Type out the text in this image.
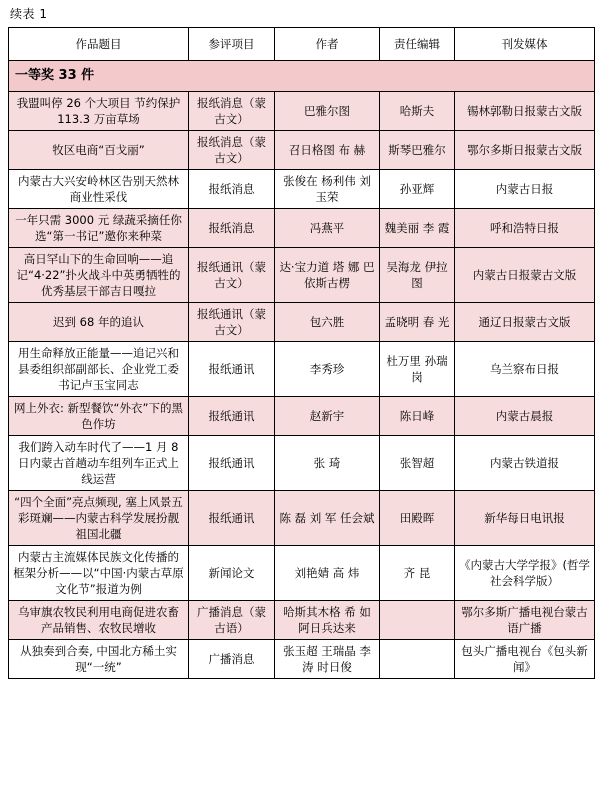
续表 1
作品题目	参评项目	作者	责任编辑	刊发媒体
一等奖 33 件				
我盟叫停 26 个大项目 节约保护 113.3 万亩草场	报纸消息（蒙古文）	巴雅尔图	哈斯夫	锡林郭勒日报蒙古文版
牧区电商“百戈丽”	报纸消息（蒙古文）	召日格图 布 赫	斯琴巴雅尔	鄂尔多斯日报蒙古文版
内蒙古大兴安岭林区告别天然林商业性采伐	报纸消息	张俊在 杨利伟 刘玉荣	孙亚辉	内蒙古日报
一年只需 3000 元 绿蔬采摘任你选“第一书记”邀你来种菜	报纸消息	冯燕平	魏美丽 李 霞	呼和浩特日报
高日罕山下的生命回响——追记“4·22”扑火战斗中英勇牺牲的优秀基层干部吉日嘎拉	报纸通讯（蒙古文）	达·宝力道 塔 娜 巴依斯古楞	吴海龙 伊拉图	内蒙古日报蒙古文版
迟到 68 年的追认	报纸通讯（蒙古文）	包六胜	孟晓明 春 光	通辽日报蒙古文版
用生命释放正能量——追记兴和县委组织部副部长、企业党工委书记卢玉宝同志	报纸通讯	李秀珍	杜万里 孙瑞岗	乌兰察布日报
网上外衣: 新型餐饮“外衣”下的黑色作坊	报纸通讯	赵新宇	陈日峰	内蒙古晨报
我们跨入动车时代了——1 月 8 日内蒙古首趟动车组列车正式上线运营	报纸通讯	张 琦	张智超	内蒙古铁道报
“四个全面”亮点频现, 塞上风景五彩斑斓——内蒙古科学发展扮靓祖国北疆	报纸通讯	陈 磊 刘 军 任会斌	田殿晖	新华每日电讯报
内蒙古主流媒体民族文化传播的框架分析——以“中国·内蒙古草原文化节”报道为例	新闻论文	刘艳婧 高 炜	齐 昆	《内蒙古大学学报》(哲学社会科学版）
乌审旗农牧民利用电商促进农畜产品销售、农牧民增收	广播消息（蒙古语）	哈斯其木格 希 如 阿日兵达来		鄂尔多斯广播电视台蒙古语广播
从独奏到合奏, 中国北方稀土实现“一统”	广播消息	张玉超 王瑞晶 李 涛 时日俊		包头广播电视台《包头新闻》
